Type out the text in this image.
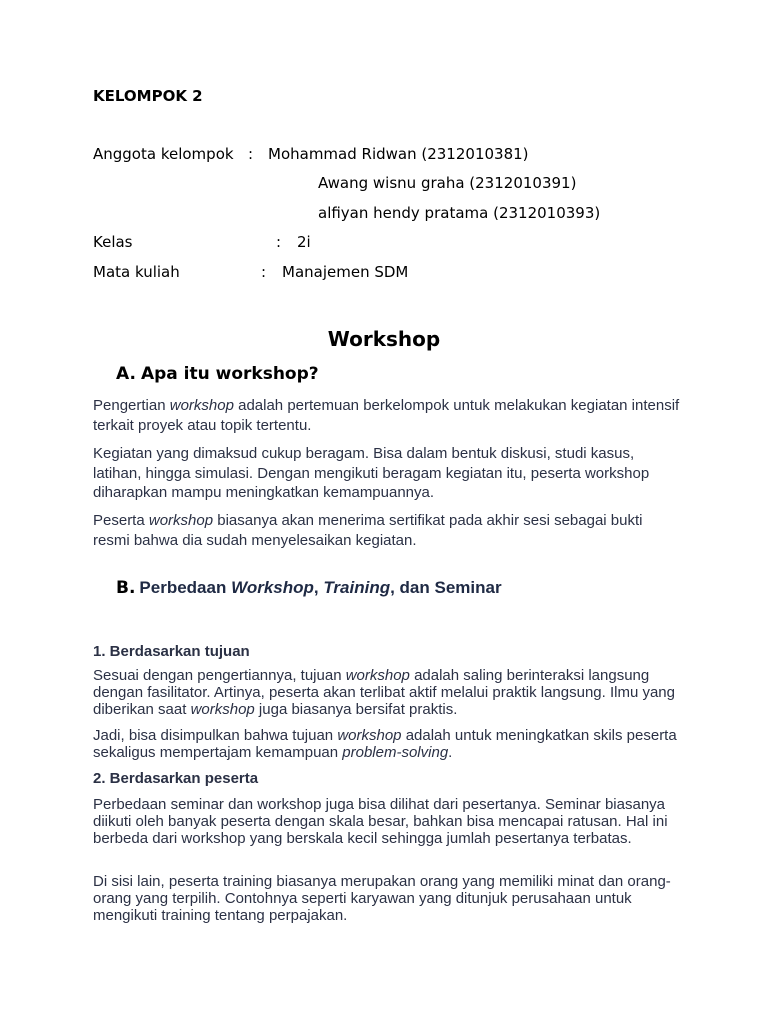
KELOMPOK 2
Anggota kelompok : Mohammad Ridwan (2312010381)
Awang wisnu graha (2312010391)
alfiyan hendy pratama (2312010393)
Kelas	: 2i
Mata kuliah	: Manajemen SDM
Workshop
A. Apa itu workshop?
Pengertian workshop adalah pertemuan berkelompok untuk melakukan kegiatan intensif terkait proyek atau topik tertentu.
Kegiatan yang dimaksud cukup beragam. Bisa dalam bentuk diskusi, studi kasus, latihan, hingga simulasi. Dengan mengikuti beragam kegiatan itu, peserta workshop diharapkan mampu meningkatkan kemampuannya.
Peserta workshop biasanya akan menerima sertifikat pada akhir sesi sebagai bukti resmi bahwa dia sudah menyelesaikan kegiatan.
B. Perbedaan Workshop, Training, dan Seminar
1. Berdasarkan tujuan
Sesuai dengan pengertiannya, tujuan workshop adalah saling berinteraksi langsung dengan fasilitator. Artinya, peserta akan terlibat aktif melalui praktik langsung. Ilmu yang diberikan saat workshop juga biasanya bersifat praktis.
Jadi, bisa disimpulkan bahwa tujuan workshop adalah untuk meningkatkan skils peserta sekaligus mempertajam kemampuan problem-solving.
2. Berdasarkan peserta
Perbedaan seminar dan workshop juga bisa dilihat dari pesertanya. Seminar biasanya diikuti oleh banyak peserta dengan skala besar, bahkan bisa mencapai ratusan. Hal ini berbeda dari workshop yang berskala kecil sehingga jumlah pesertanya terbatas.
Di sisi lain, peserta training biasanya merupakan orang yang memiliki minat dan orang-orang yang terpilih. Contohnya seperti karyawan yang ditunjuk perusahaan untuk mengikuti training tentang perpajakan.
